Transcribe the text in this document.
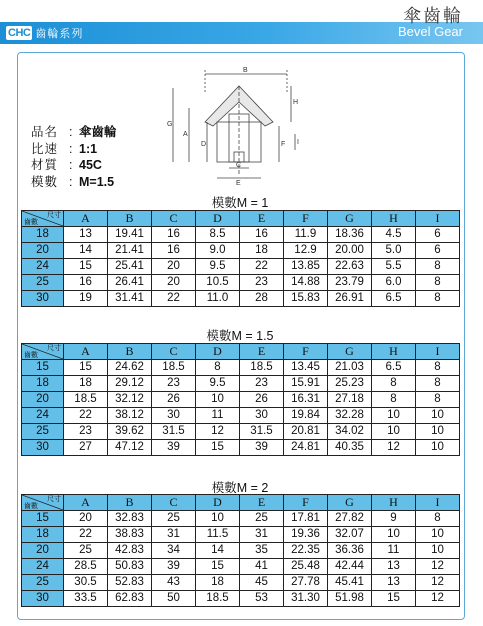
CHC 齒輪系列
傘齒輪
Bevel Gear
品名 : 傘齒輪
比速 : 1:1
材質 : 45C
模數 : M=1.5
B
G
A
D
H
F I
C
E
模數M = 1
尺寸
齒數	A	B	C	D	E	F	G	H	I
18	13	19.41	16	8.5	16	11.9	18.36	4.5	6
20	14	21.41	16	9.0	18	12.9	20.00	5.0	6
24	15	25.41	20	9.5	22	13.85	22.63	5.5	8
25	16	26.41	20	10.5	23	14.88	23.79	6.0	8
30	19	31.41	22	11.0	28	15.83	26.91	6.5	8
模數M = 1.5
尺寸
齒數	A	B	C	D	E	F	G	H	I
15	15	24.62	18.5	8	18.5	13.45	21.03	6.5	8
18	18	29.12	23	9.5	23	15.91	25.23	8	8
20	18.5	32.12	26	10	26	16.31	27.18	8	8
24	22	38.12	30	11	30	19.84	32.28	10	10
25	23	39.62	31.5	12	31.5	20.81	34.02	10	10
30	27	47.12	39	15	39	24.81	40.35	12	10
模數M = 2
尺寸
齒數	A	B	C	D	E	F	G	H	I
15	20	32.83	25	10	25	17.81	27.82	9	8
18	22	38.83	31	11.5	31	19.36	32.07	10	10
20	25	42.83	34	14	35	22.35	36.36	11	10
24	28.5	50.83	39	15	41	25.48	42.44	13	12
25	30.5	52.83	43	18	45	27.78	45.41	13	12
30	33.5	62.83	50	18.5	53	31.30	51.98	15	12
